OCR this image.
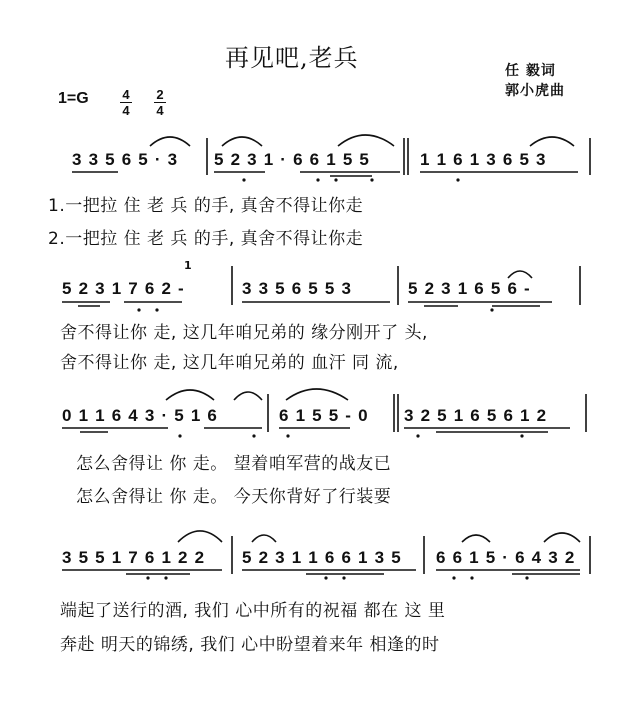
再见吧,老兵	任 毅词
郭小虎曲
1=G	4
4
2
4
3 3 5 6 5 · 3 5 2 3 1 · 6 6 1 5 5	1 1 6 1 3 6 5 3
1.一把拉 住 老 兵 的手, 真舍不得让你走
2.一把拉 住 老 兵 的手, 真舍不得让你走
5 2 3 1 7 6 2 -	3 3 5 6 5 5 3	5 2 3 1 6 5 6 -
1
舍不得让你 走, 这几年咱兄弟的 缘分刚开了 头,
舍不得让你 走, 这几年咱兄弟的 血汗 同 流,
0 1 1 6 4 3 · 5 1 6	6 1 5 5 - 0 3 2 5 1 6 5 6 1 2
怎么舍得让 你 走。 望着咱军营的战友已
怎么舍得让 你 走。 今天你背好了行装要
3 5 5 1 7 6 1 2 2 5 2 3 1 1 6 6 1 3 5 6 6 1 5 · 6 4 3 2
端起了送行的酒, 我们 心中所有的祝福 都在 这 里
奔赴 明天的锦绣, 我们 心中盼望着来年 相逢的时
